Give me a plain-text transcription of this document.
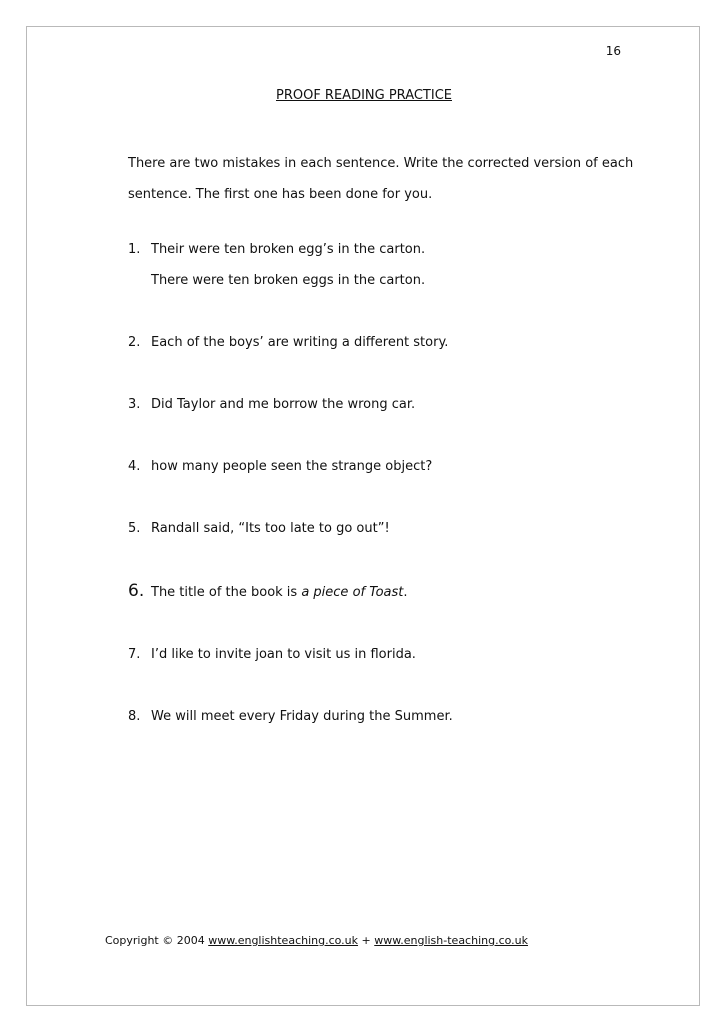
16
PROOF READING PRACTICE
There are two mistakes in each sentence. Write the corrected version of each sentence. The first one has been done for you.
1. Their were ten broken egg’s in the carton.
There were ten broken eggs in the carton.
2. Each of the boys’ are writing a different story.
3. Did Taylor and me borrow the wrong car.
4. how many people seen the strange object?
5. Randall said, “Its too late to go out”!
6. The title of the book is a piece of Toast.
7. I’d like to invite joan to visit us in florida.
8. We will meet every Friday during the Summer.
Copyright © 2004 www.englishteaching.co.uk + www.english-teaching.co.uk
